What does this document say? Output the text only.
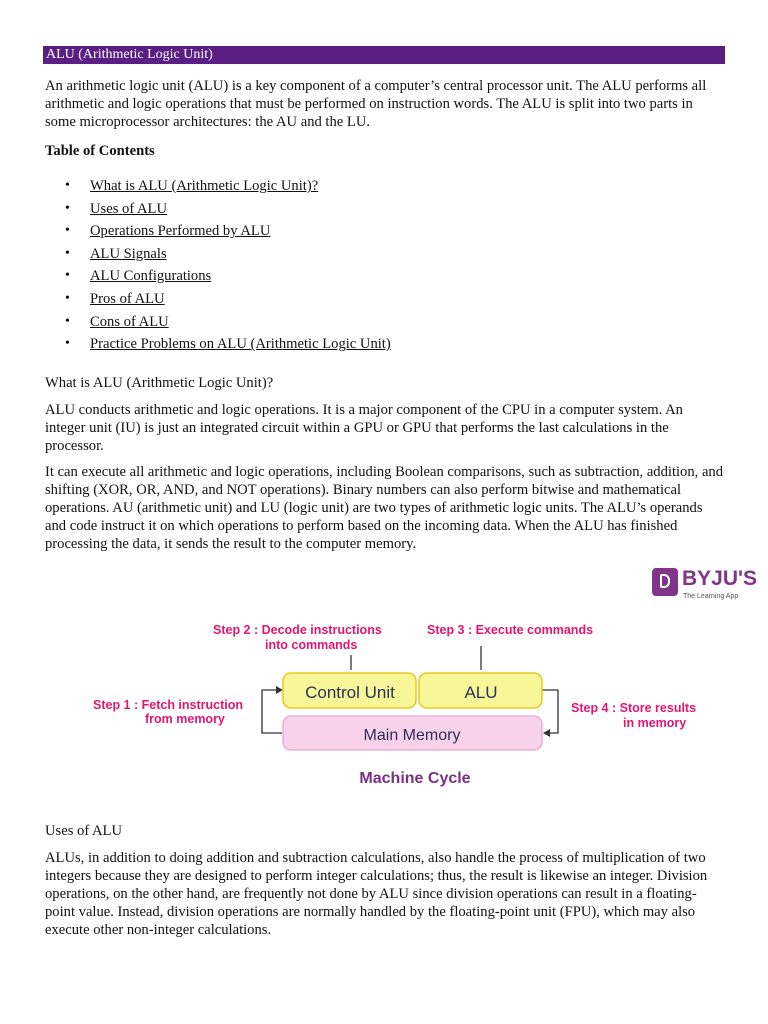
ALU (Arithmetic Logic Unit)

An arithmetic logic unit (ALU) is a key component of a computer’s central processor unit. The ALU performs all arithmetic and logic operations that must be performed on instruction words. The ALU is split into two parts in some microprocessor architectures: the AU and the LU.

Table of Contents

• What is ALU (Arithmetic Logic Unit)?
• Uses of ALU
• Operations Performed by ALU
• ALU Signals
• ALU Configurations
• Pros of ALU
• Cons of ALU
• Practice Problems on ALU (Arithmetic Logic Unit)

What is ALU (Arithmetic Logic Unit)?

ALU conducts arithmetic and logic operations. It is a major component of the CPU in a computer system. An integer unit (IU) is just an integrated circuit within a GPU or GPU that performs the last calculations in the processor.

It can execute all arithmetic and logic operations, including Boolean comparisons, such as subtraction, addition, and shifting (XOR, OR, AND, and NOT operations). Binary numbers can also perform bitwise and mathematical operations. AU (arithmetic unit) and LU (logic unit) are two types of arithmetic logic units. The ALU’s operands and code instruct it on which operations to perform based on the incoming data. When the ALU has finished processing the data, it sends the result to the computer memory.

BYJU'S
The Learning App
Step 2 : Decode instructions
into commands
Step 3 : Execute commands
Step 1 : Fetch instruction
from memory
Step 4 : Store results
in memory
Control Unit	ALU
Main Memory
Machine Cycle

Uses of ALU

ALUs, in addition to doing addition and subtraction calculations, also handle the process of multiplication of two integers because they are designed to perform integer calculations; thus, the result is likewise an integer. Division operations, on the other hand, are frequently not done by ALU since division operations can result in a floating-point value. Instead, division operations are normally handled by the floating-point unit (FPU), which may also execute other non-integer calculations.
